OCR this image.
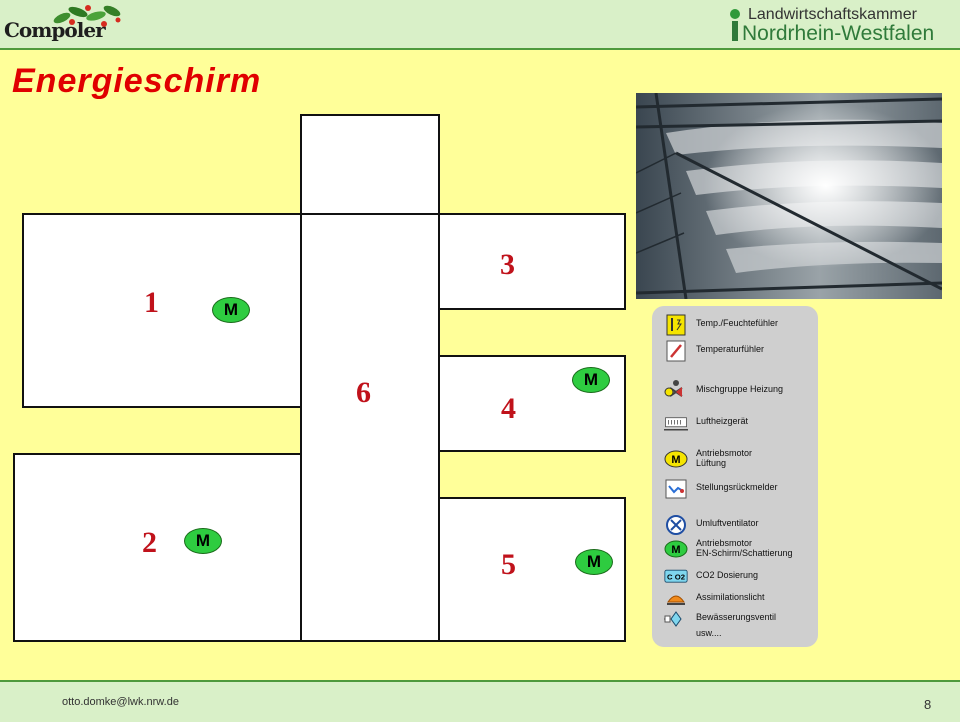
Compoler
Landwirtschaftskammer
Nordrhein-Westfalen
Energieschirm
1
2
3
4
5
6
M
M
M
M
Temp./Feuchtefühler
Temperaturfühler
Mischgruppe Heizung
Luftheizgerät
M
Antriebsmotor
Lüftung
Stellungsrückmelder
Umluftventilator
M
Antriebsmotor
EN-Schirm/Schattierung
C O2 CO2 Dosierung
Assimilationslicht
Bewässerungsventil
usw....
otto.domke@lwk.nrw.de	8
